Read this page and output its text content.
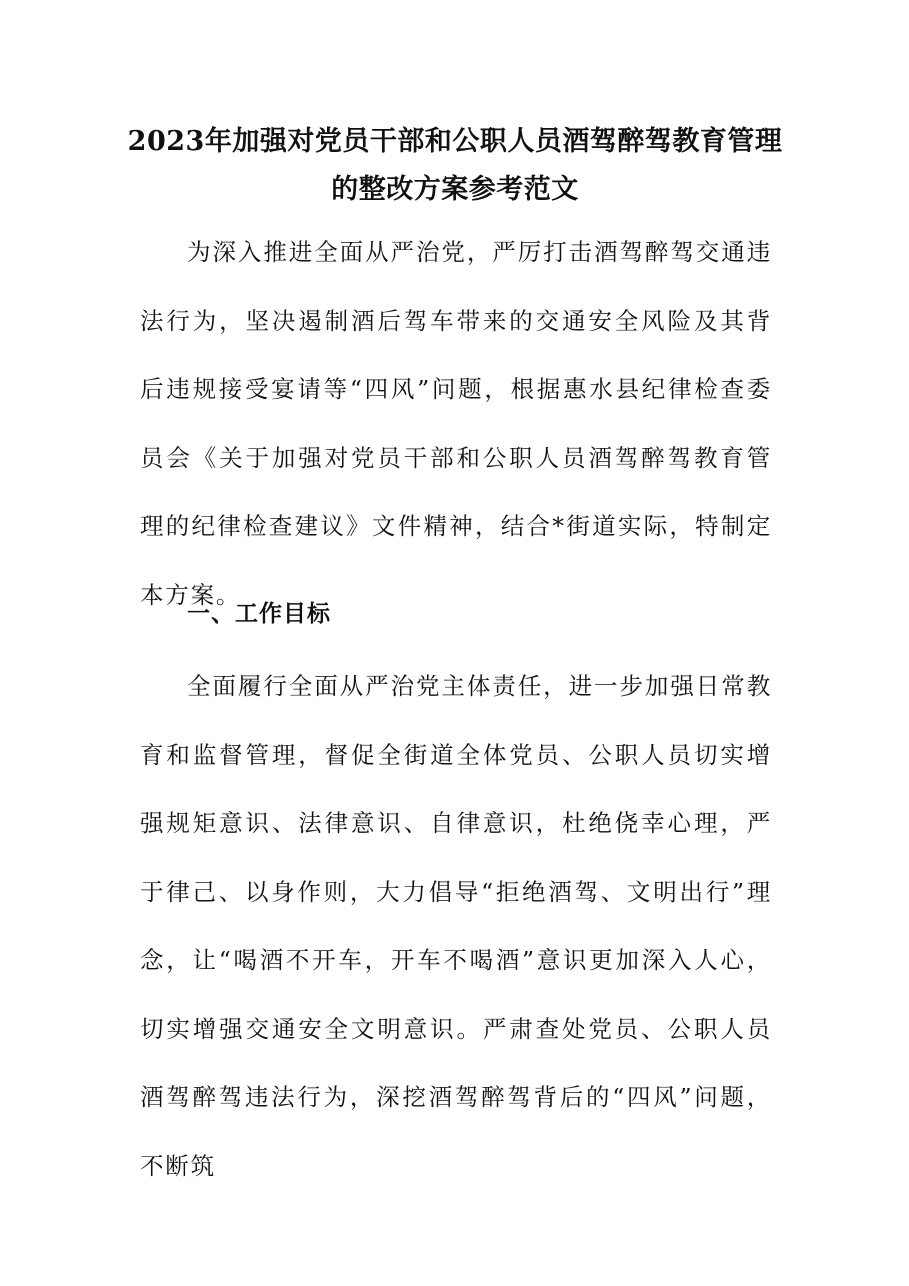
2023年加强对党员干部和公职人员酒驾醉驾教育管理的整改方案参考范文

为深入推进全面从严治党，严厉打击酒驾醉驾交通违法行为，坚决遏制酒后驾车带来的交通安全风险及其背后违规接受宴请等“四风”问题，根据惠水县纪律检查委员会《关于加强对党员干部和公职人员酒驾醉驾教育管理的纪律检查建议》文件精神，结合*街道实际，特制定本方案。

一、工作目标

全面履行全面从严治党主体责任，进一步加强日常教育和监督管理，督促全街道全体党员、公职人员切实增强规矩意识、法律意识、自律意识，杜绝侥幸心理，严于律己、以身作则，大力倡导“拒绝酒驾、文明出行”理念，让“喝酒不开车，开车不喝酒”意识更加深入人心，切实增强交通安全文明意识。严肃查处党员、公职人员酒驾醉驾违法行为，深挖酒驾醉驾背后的“四风”问题，不断筑
